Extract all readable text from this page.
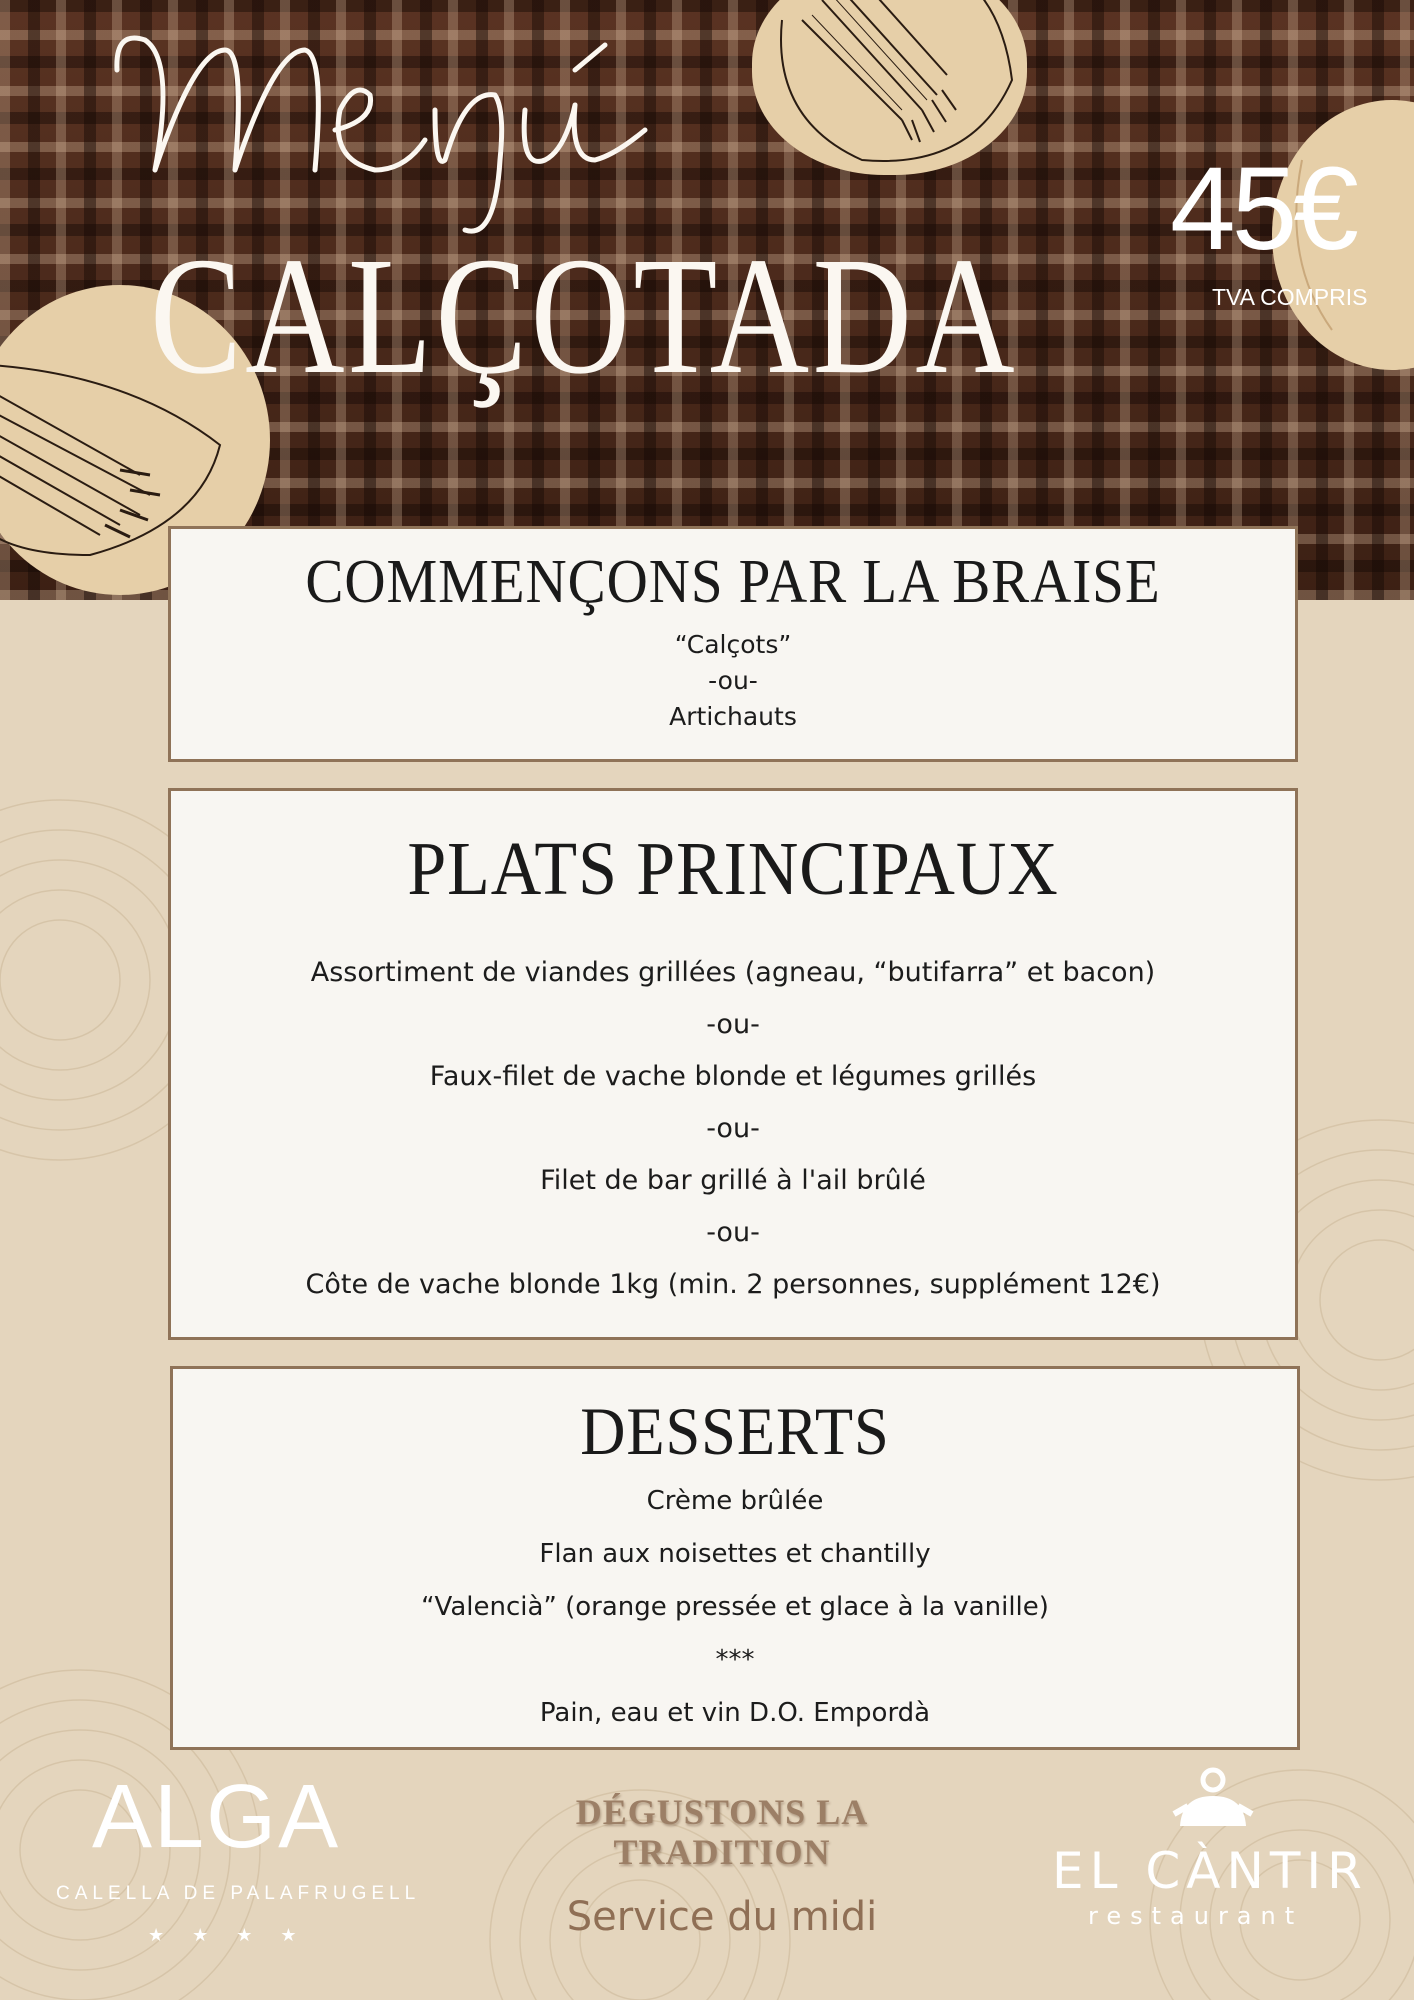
CALÇOTADA
45€
TVA COMPRIS
COMMENÇONS PAR LA BRAISE

“Calçots”

-ou-

Artichauts

PLATS PRINCIPAUX

Assortiment de viandes grillées (agneau, “butifarra” et bacon)

-ou-

Faux-filet de vache blonde et légumes grillés

-ou-

Filet de bar grillé à l'ail brûlé

-ou-

Côte de vache blonde 1kg (min. 2 personnes, supplément 12€)

DESSERTS

Crème brûlée

Flan aux noisettes et chantilly

“Valencià” (orange pressée et glace à la vanille)

***

Pain, eau et vin D.O. Empordà

ALGA
CALELLA DE PALAFRUGELL
★★★★
DÉGUSTONS LA TRADITION
Service du midi
EL CÀNTIR
restaurant
